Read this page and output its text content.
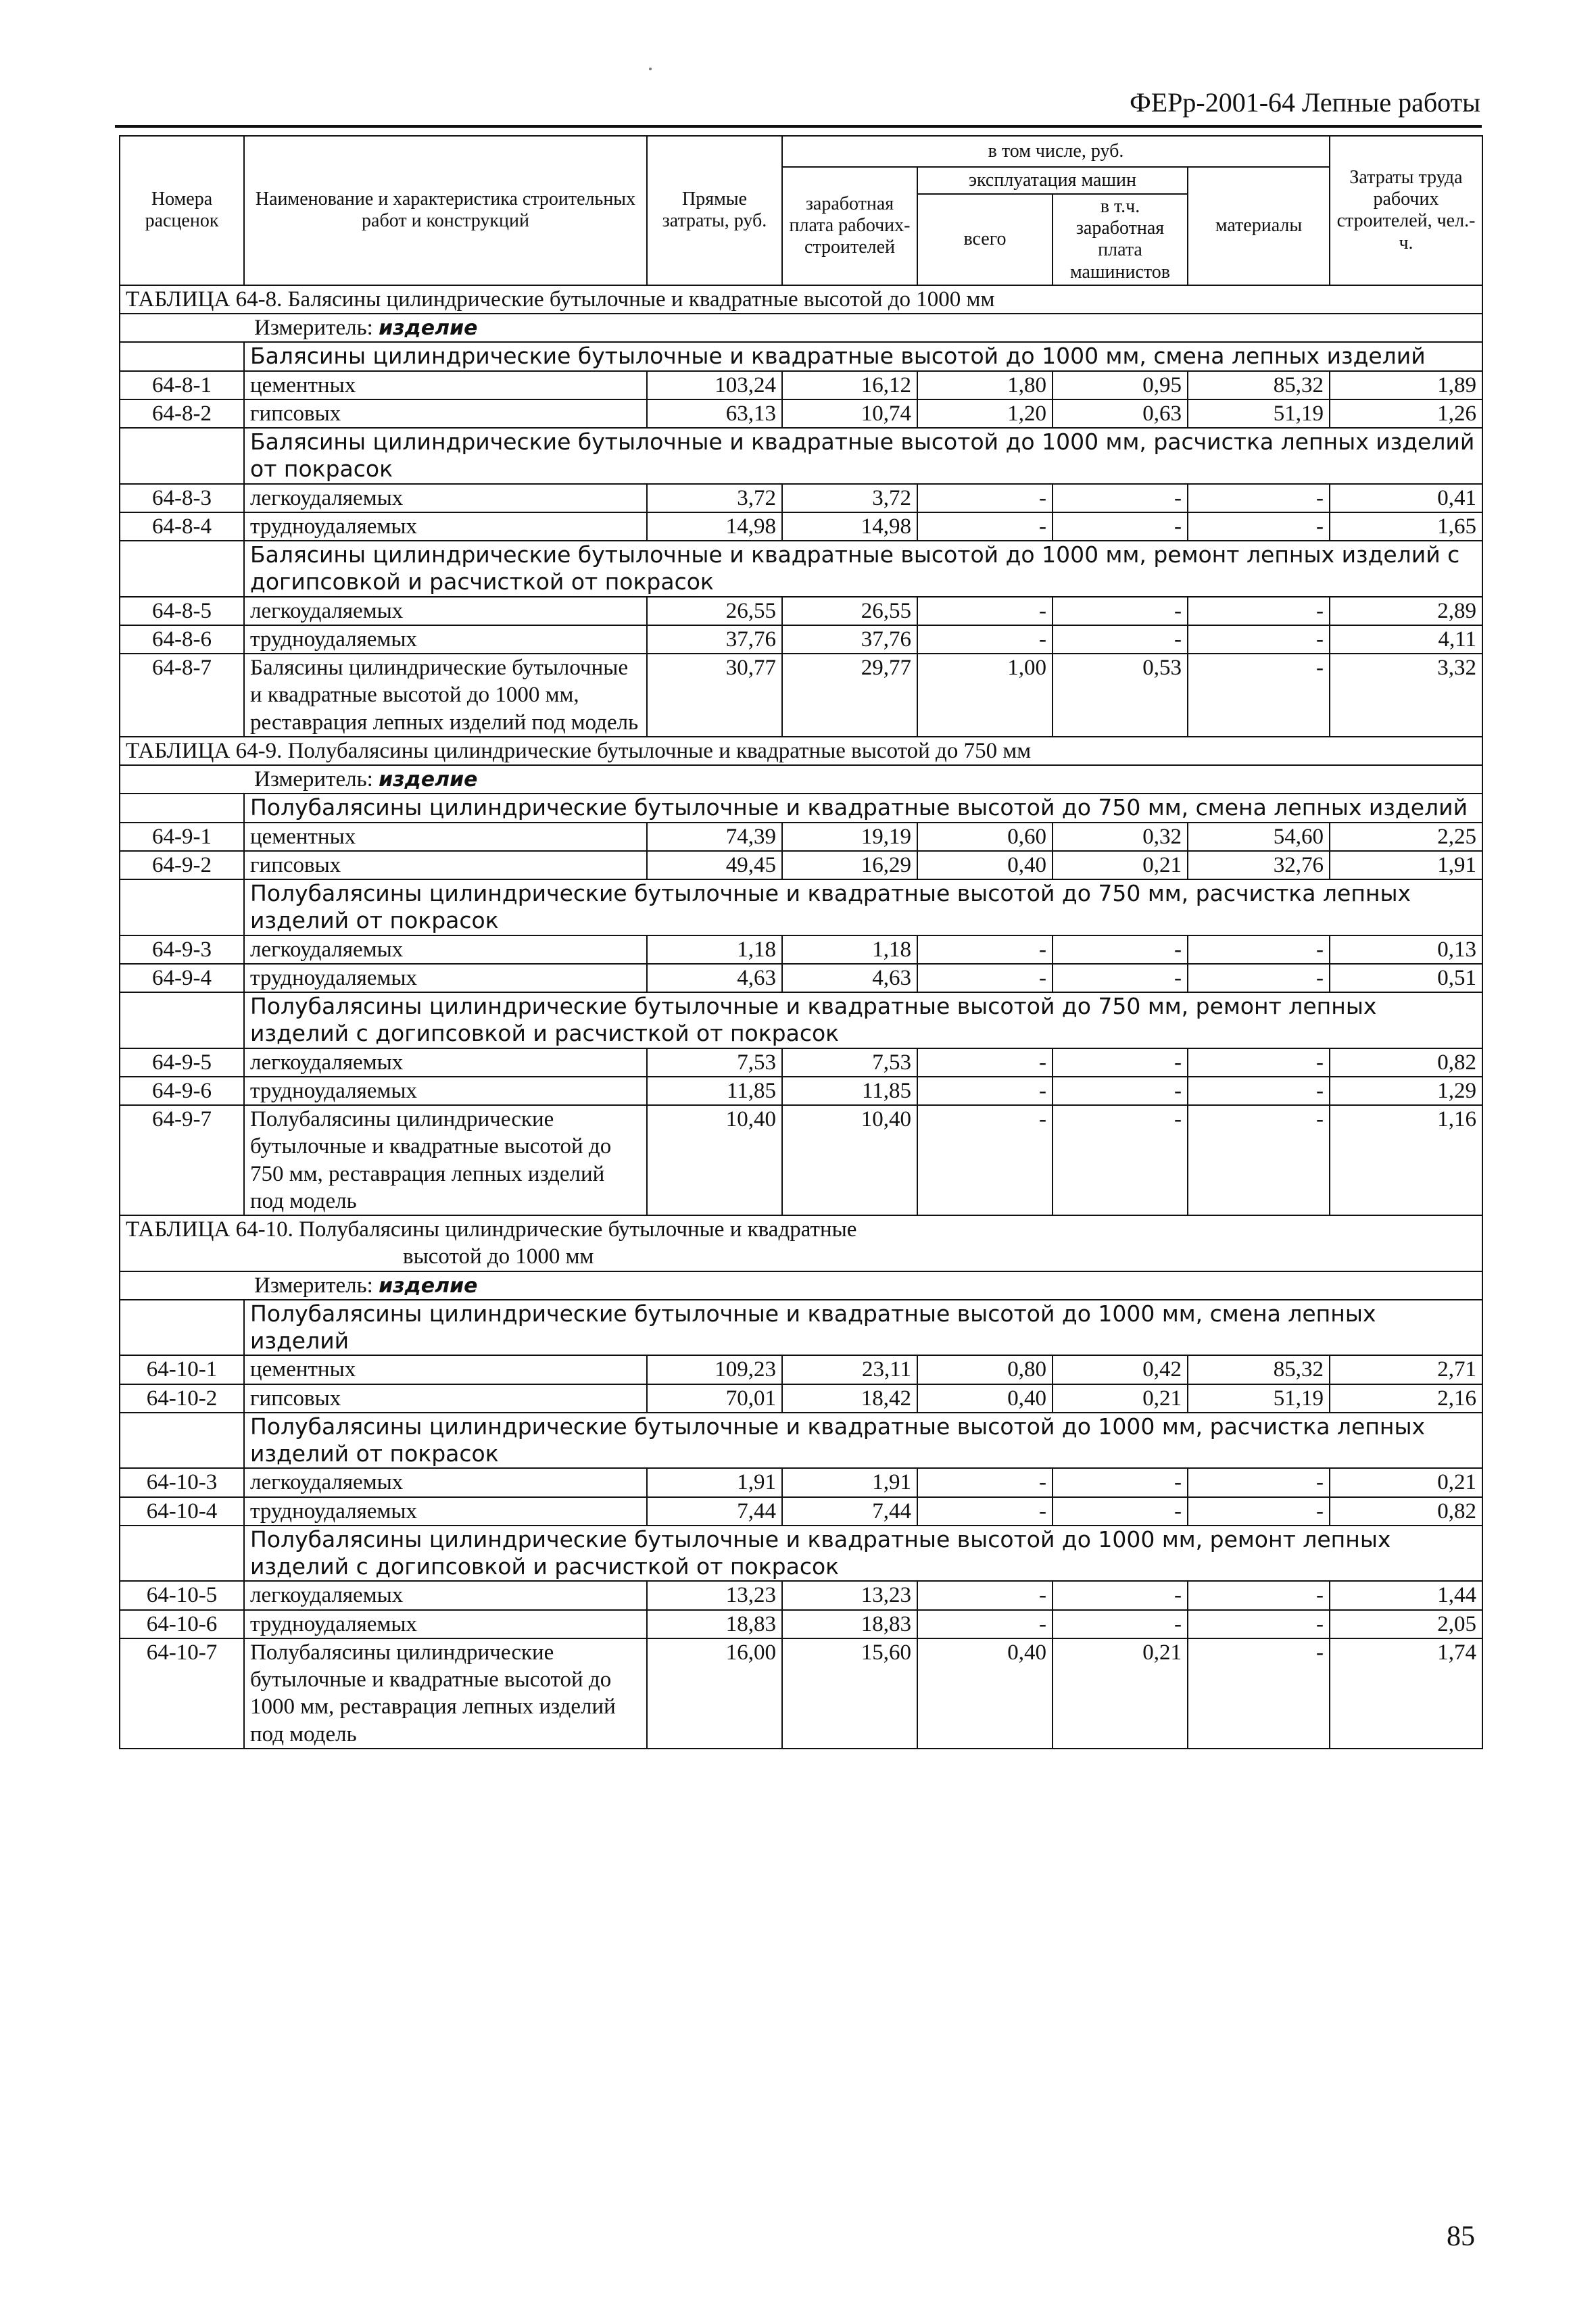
ФЕРр-2001-64 Лепные работы
Номера расценок	Наименование и характеристика строительных работ и конструкций	Прямые затраты, руб.	в том числе, руб.				Затраты труда рабочих строителей, чел.-ч.
			заработная плата рабочих-строителей	эксплуатация машин		материалы	
				всего	в т.ч. заработная плата машинистов		
ТАБЛИЦА 64-8. Балясины цилиндрические бутылочные и квадратные высотой до 1000 мм							
Измеритель: изделие							
	Балясины цилиндрические бутылочные и квадратные высотой до 1000 мм, смена лепных изделий						
64-8-1	цементных	103,24	16,12	1,80	0,95	85,32	1,89
64-8-2	гипсовых	63,13	10,74	1,20	0,63	51,19	1,26
	Балясины цилиндрические бутылочные и квадратные высотой до 1000 мм, расчистка лепных изделий от покрасок						
64-8-3	легкоудаляемых	3,72	3,72	-	-	-	0,41
64-8-4	трудноудаляемых	14,98	14,98	-	-	-	1,65
	Балясины цилиндрические бутылочные и квадратные высотой до 1000 мм, ремонт лепных изделий с догипсовкой и расчисткой от покрасок						
64-8-5	легкоудаляемых	26,55	26,55	-	-	-	2,89
64-8-6	трудноудаляемых	37,76	37,76	-	-	-	4,11
64-8-7	Балясины цилиндрические бутылочные и квадратные высотой до 1000 мм, реставрация лепных изделий под модель	30,77	29,77	1,00	0,53	-	3,32
ТАБЛИЦА 64-9. Полубалясины цилиндрические бутылочные и квадратные высотой до 750 мм							
Измеритель: изделие							
	Полубалясины цилиндрические бутылочные и квадратные высотой до 750 мм, смена лепных изделий						
64-9-1	цементных	74,39	19,19	0,60	0,32	54,60	2,25
64-9-2	гипсовых	49,45	16,29	0,40	0,21	32,76	1,91
	Полубалясины цилиндрические бутылочные и квадратные высотой до 750 мм, расчистка лепных изделий от покрасок						
64-9-3	легкоудаляемых	1,18	1,18	-	-	-	0,13
64-9-4	трудноудаляемых	4,63	4,63	-	-	-	0,51
	Полубалясины цилиндрические бутылочные и квадратные высотой до 750 мм, ремонт лепных изделий с догипсовкой и расчисткой от покрасок						
64-9-5	легкоудаляемых	7,53	7,53	-	-	-	0,82
64-9-6	трудноудаляемых	11,85	11,85	-	-	-	1,29
64-9-7	Полубалясины цилиндрические бутылочные и квадратные высотой до 750 мм, реставрация лепных изделий под модель	10,40	10,40	-	-	-	1,16
ТАБЛИЦА 64-10. Полубалясины цилиндрические бутылочные и квадратные
высотой до 1000 мм							

Измеритель: изделие							
	Полубалясины цилиндрические бутылочные и квадратные высотой до 1000 мм, смена лепных изделий						
64-10-1	цементных	109,23	23,11	0,80	0,42	85,32	2,71
64-10-2	гипсовых	70,01	18,42	0,40	0,21	51,19	2,16
	Полубалясины цилиндрические бутылочные и квадратные высотой до 1000 мм, расчистка лепных изделий от покрасок						
64-10-3	легкоудаляемых	1,91	1,91	-	-	-	0,21
64-10-4	трудноудаляемых	7,44	7,44	-	-	-	0,82
	Полубалясины цилиндрические бутылочные и квадратные высотой до 1000 мм, ремонт лепных изделий с догипсовкой и расчисткой от покрасок						
64-10-5	легкоудаляемых	13,23	13,23	-	-	-	1,44
64-10-6	трудноудаляемых	18,83	18,83	-	-	-	2,05
64-10-7	Полубалясины цилиндрические бутылочные и квадратные высотой до 1000 мм, реставрация лепных изделий под модель	16,00	15,60	0,40	0,21	-	1,74
85
